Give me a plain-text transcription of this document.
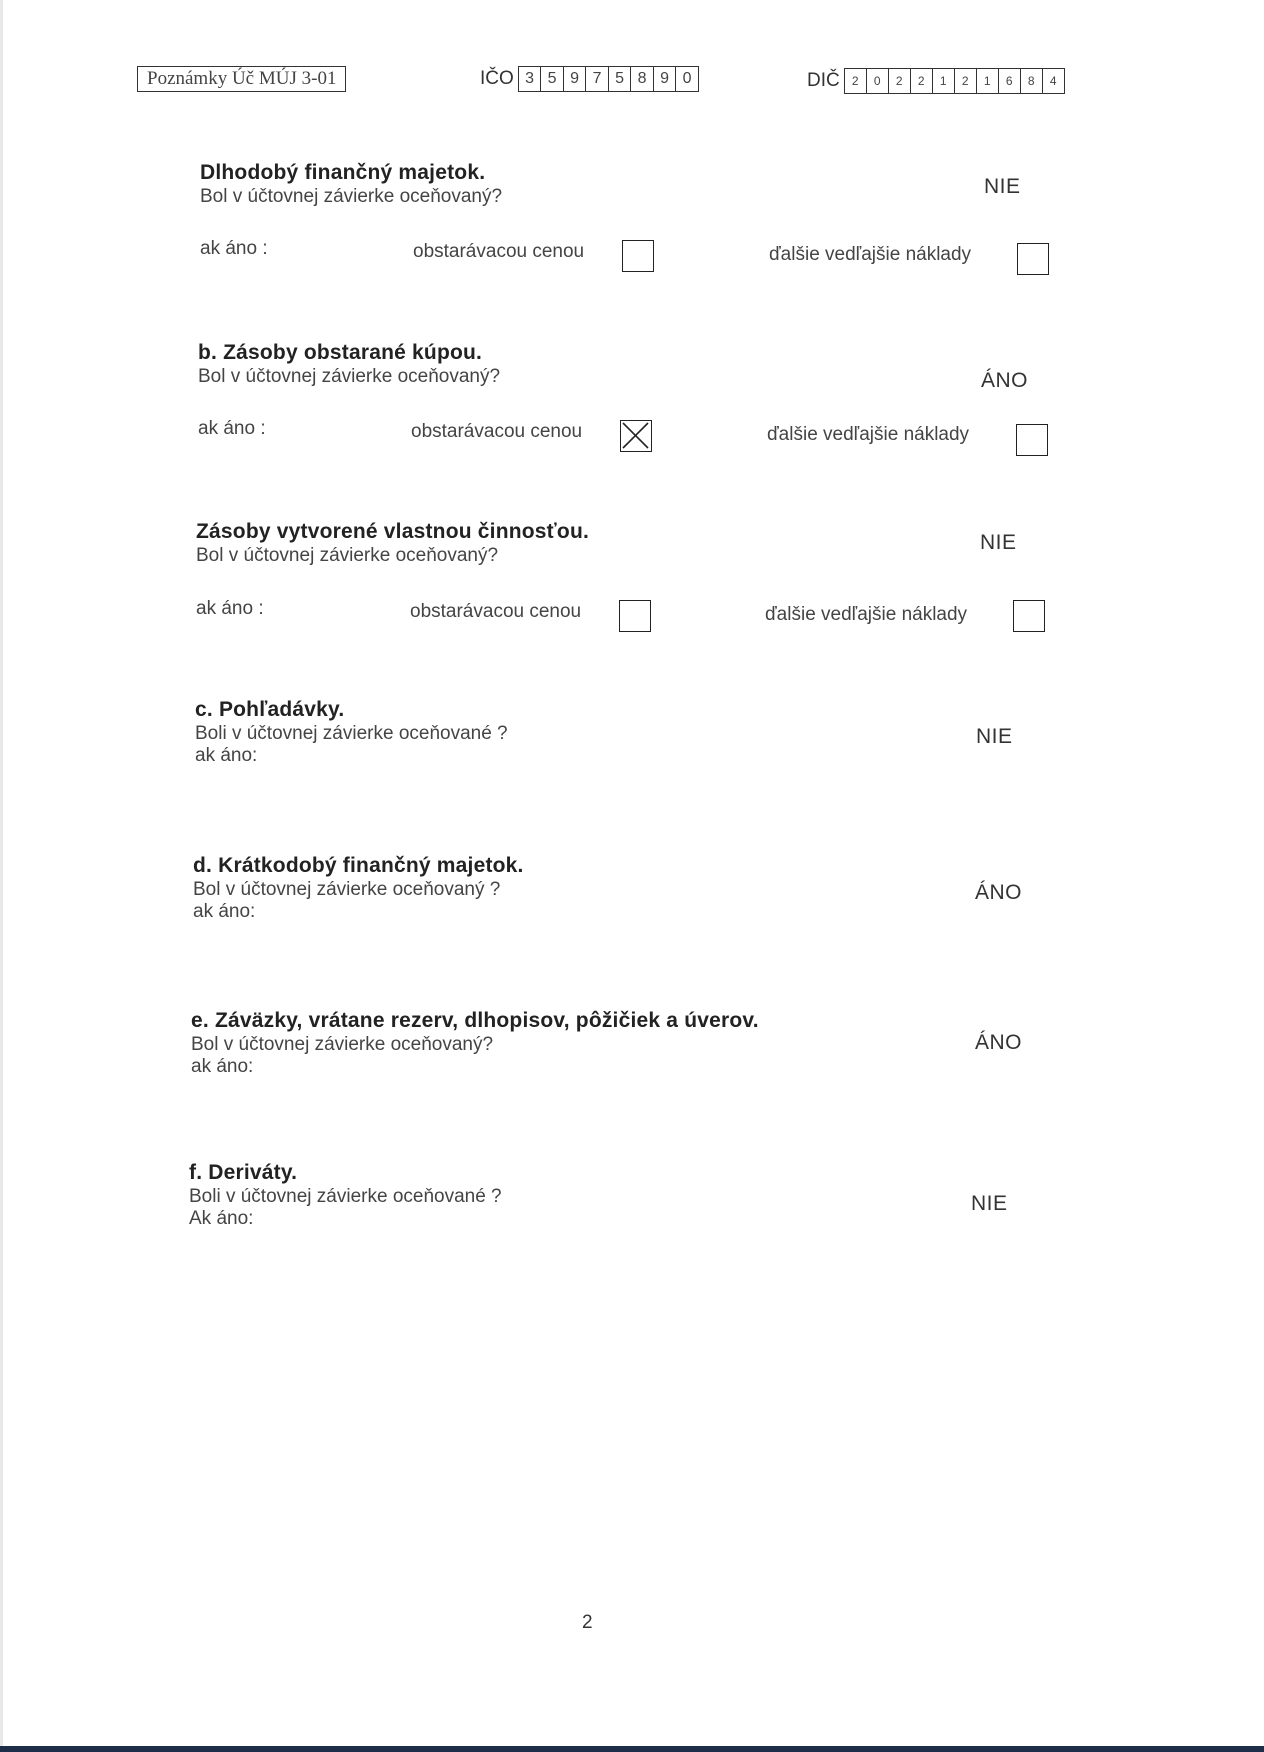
Poznámky Úč MÚJ 3-01	IČO 3 5 9 7 5 8 9 0	DIČ	2	0	2	2	1	2	1	6	8	4
Dlhodobý finančný majetok.
Bol v účtovnej závierke oceňovaný?	NIE
ak áno :	obstarávacou cenou	ďalšie vedľajšie náklady
b. Zásoby obstarané kúpou.
Bol v účtovnej závierke oceňovaný?	ÁNO
ak áno :	obstarávacou cenou	ďalšie vedľajšie náklady
Zásoby vytvorené vlastnou činnosťou.
Bol v účtovnej závierke oceňovaný?
NIE
ak áno :	obstarávacou cenou	ďalšie vedľajšie náklady
c. Pohľadávky.
Boli v účtovnej závierke oceňované ?
ak áno:
NIE
d. Krátkodobý finančný majetok.
Bol v účtovnej závierke oceňovaný ?
ak áno:
ÁNO
e. Záväzky, vrátane rezerv, dlhopisov, pôžičiek a úverov.
Bol v účtovnej závierke oceňovaný?
ak áno:
ÁNO
f. Deriváty.
Boli v účtovnej závierke oceňované ?
Ak áno:
NIE
2
